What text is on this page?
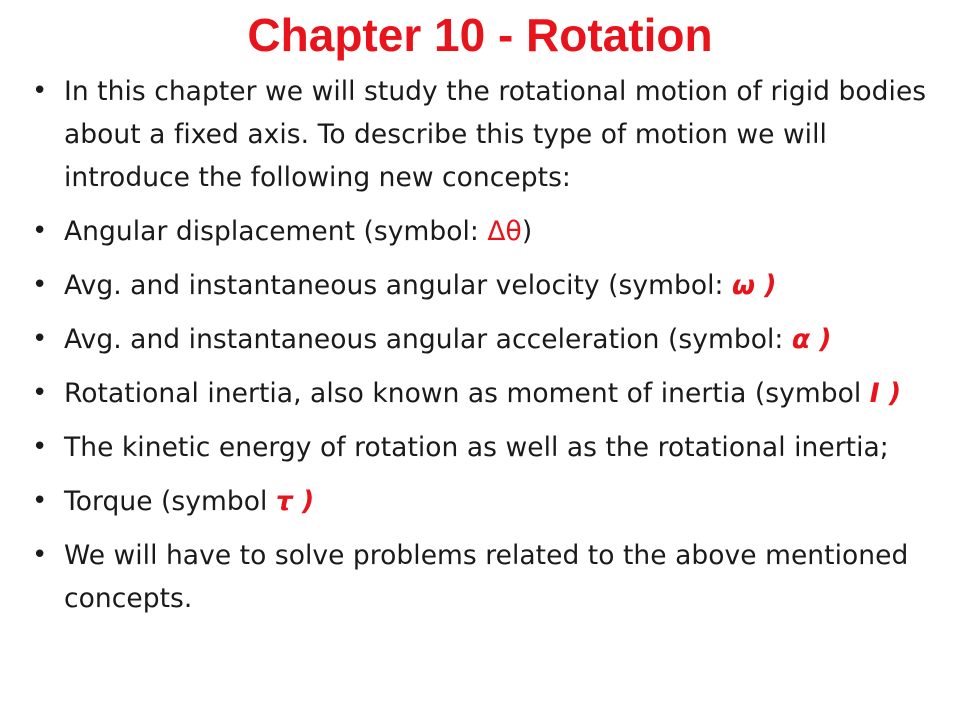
Chapter 10 - Rotation
• In this chapter we will study the rotational motion of rigid bodies about a fixed axis. To describe this type of motion we will introduce the following new concepts:
• Angular displacement (symbol: Δθ)
• Avg. and instantaneous angular velocity (symbol: ω )
• Avg. and instantaneous angular acceleration (symbol: α )
• Rotational inertia, also known as moment of inertia (symbol I )
• The kinetic energy of rotation as well as the rotational inertia;
• Torque (symbol τ )
• We will have to solve problems related to the above mentioned concepts.
